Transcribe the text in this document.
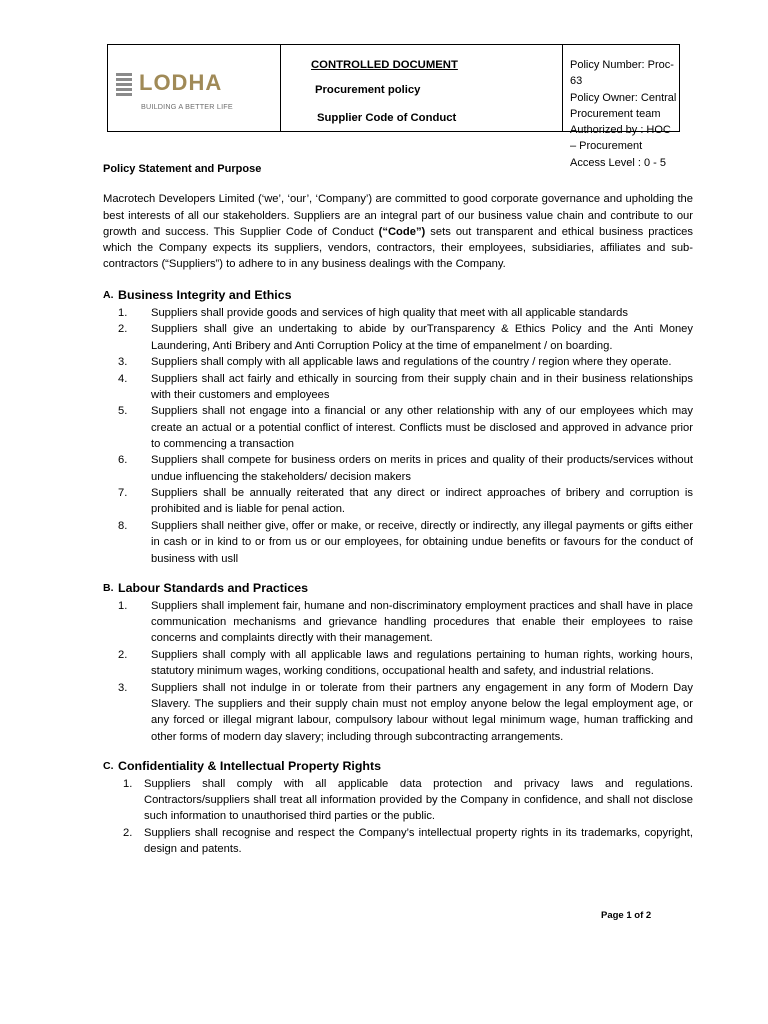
LODHA
BUILDING A BETTER LIFE
CONTROLLED DOCUMENT
Procurement policy
Supplier Code of Conduct
Policy Number: Proc-63
Policy Owner: Central Procurement team
Authorized by : HOC – Procurement
Access Level : 0 - 5
Policy Statement and Purpose

Macrotech Developers Limited (‘we’, ‘our’, ‘Company’) are committed to good corporate governance and upholding the best interests of all our stakeholders. Suppliers are an integral part of our business value chain and contribute to our growth and success. This Supplier Code of Conduct (“Code”) sets out transparent and ethical business practices which the Company expects its suppliers, vendors, contractors, their employees, subsidiaries, affiliates and sub-contractors (“Suppliers”) to adhere to in any business dealings with the Company.

A. Business Integrity and Ethics
1.	Suppliers shall provide goods and services of high quality that meet with all applicable standards
2.	Suppliers shall give an undertaking to abide by ourTransparency & Ethics Policy and the Anti Money Laundering, Anti Bribery and Anti Corruption Policy at the time of empanelment / on boarding.
3.	Suppliers shall comply with all applicable laws and regulations of the country / region where they operate.
4.	Suppliers shall act fairly and ethically in sourcing from their supply chain and in their business relationships with their customers and employees
5.	Suppliers shall not engage into a financial or any other relationship with any of our employees which may create an actual or a potential conflict of interest. Conflicts must be disclosed and approved in advance prior to commencing a transaction
6.	Suppliers shall compete for business orders on merits in prices and quality of their products/services without undue influencing the stakeholders/ decision makers
7.	Suppliers shall be annually reiterated that any direct or indirect approaches of bribery and corruption is prohibited and is liable for penal action.
8.	Suppliers shall neither give, offer or make, or receive, directly or indirectly, any illegal payments or gifts either in cash or in kind to or from us or our employees, for obtaining undue benefits or favours for the conduct of business with usll
B. Labour Standards and Practices
1.	Suppliers shall implement fair, humane and non-discriminatory employment practices and shall have in place communication mechanisms and grievance handling procedures that enable their employees to raise concerns and complaints directly with their management.
2.	Suppliers shall comply with all applicable laws and regulations pertaining to human rights, working hours, statutory minimum wages, working conditions, occupational health and safety, and industrial relations.
3.	Suppliers shall not indulge in or tolerate from their partners any engagement in any form of Modern Day Slavery. The suppliers and their supply chain must not employ anyone below the legal employment age, or any forced or illegal migrant labour, compulsory labour without legal minimum wage, human trafficking and other forms of modern day slavery; including through subcontracting arrangements.
C. Confidentiality & Intellectual Property Rights
1.	Suppliers shall comply with all applicable data protection and privacy laws and regulations. Contractors/suppliers shall treat all information provided by the Company in confidence, and shall not disclose such information to unauthorised third parties or the public.
2.	Suppliers shall recognise and respect the Company’s intellectual property rights in its trademarks, copyright, design and patents.
Page 1 of 2
